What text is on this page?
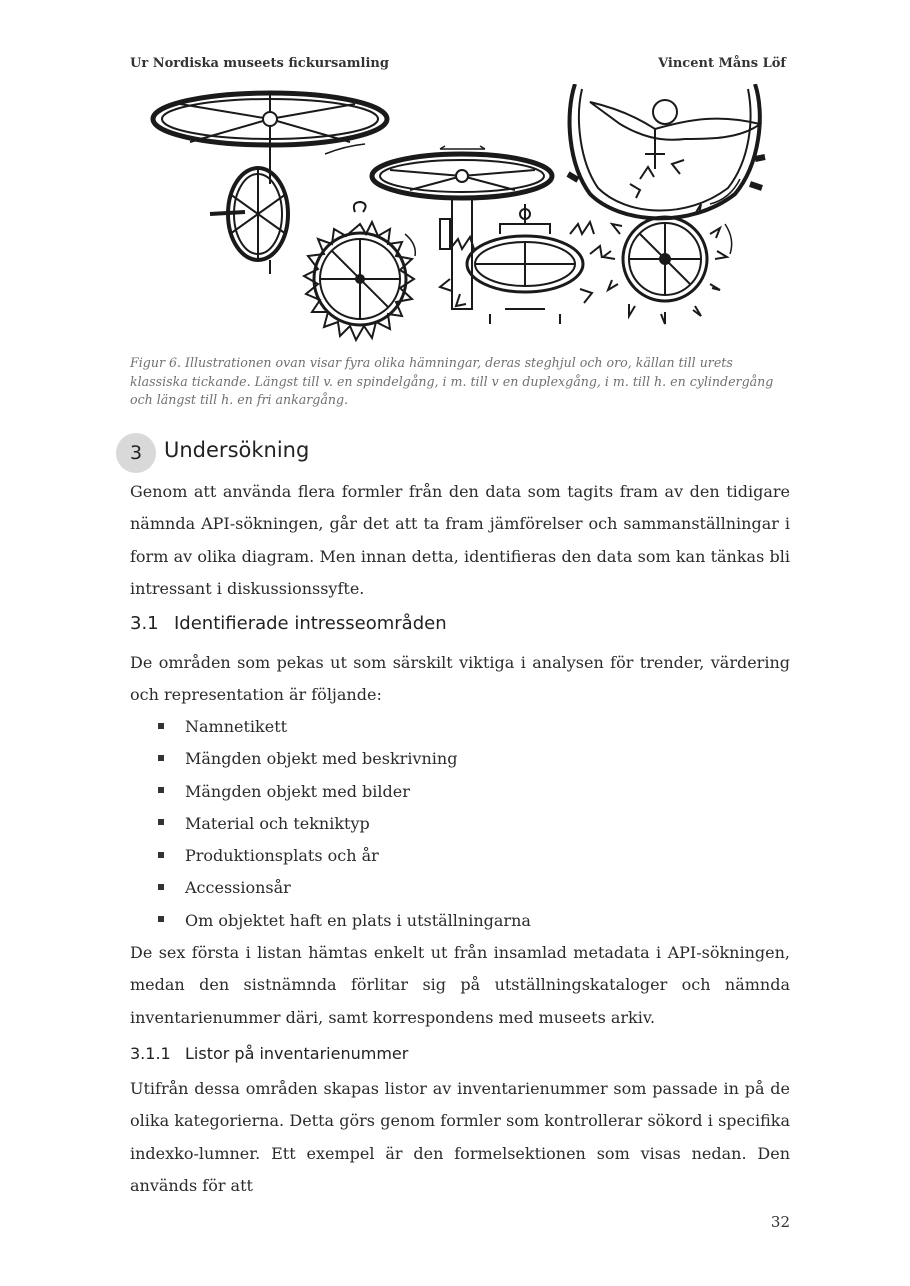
Ur Nordiska museets fickursamling	Vincent Måns Löf
Figur 6. Illustrationen ovan visar fyra olika hämningar, deras steghjul och oro, källan till urets klassiska tickande. Längst till v. en spindelgång, i m. till v en duplexgång, i m. till h. en cylindergång och längst till h. en fri ankargång.
3	Undersökning
Genom att använda flera formler från den data som tagits fram av den tidigare nämnda API-sökningen, går det att ta fram jämförelser och sammanställningar i form av olika diagram. Men innan detta, identifieras den data som kan tänkas bli intressant i diskussionssyfte.
3.1 Identifierade intresseområden
De områden som pekas ut som särskilt viktiga i analysen för trender, värdering och representation är följande:
Namnetikett
Mängden objekt med beskrivning
Mängden objekt med bilder
Material och tekniktyp
Produktionsplats och år
Accessionsår
Om objektet haft en plats i utställningarna
De sex första i listan hämtas enkelt ut från insamlad metadata i API-sökningen, medan den sistnämnda förlitar sig på utställningskataloger och nämnda inventarienummer däri, samt korrespondens med museets arkiv.
3.1.1 Listor på inventarienummer
Utifrån dessa områden skapas listor av inventarienummer som passade in på de olika kategorierna. Detta görs genom formler som kontrollerar sökord i specifika indexko-lumner. Ett exempel är den formelsektionen som visas nedan. Den används för att
32
